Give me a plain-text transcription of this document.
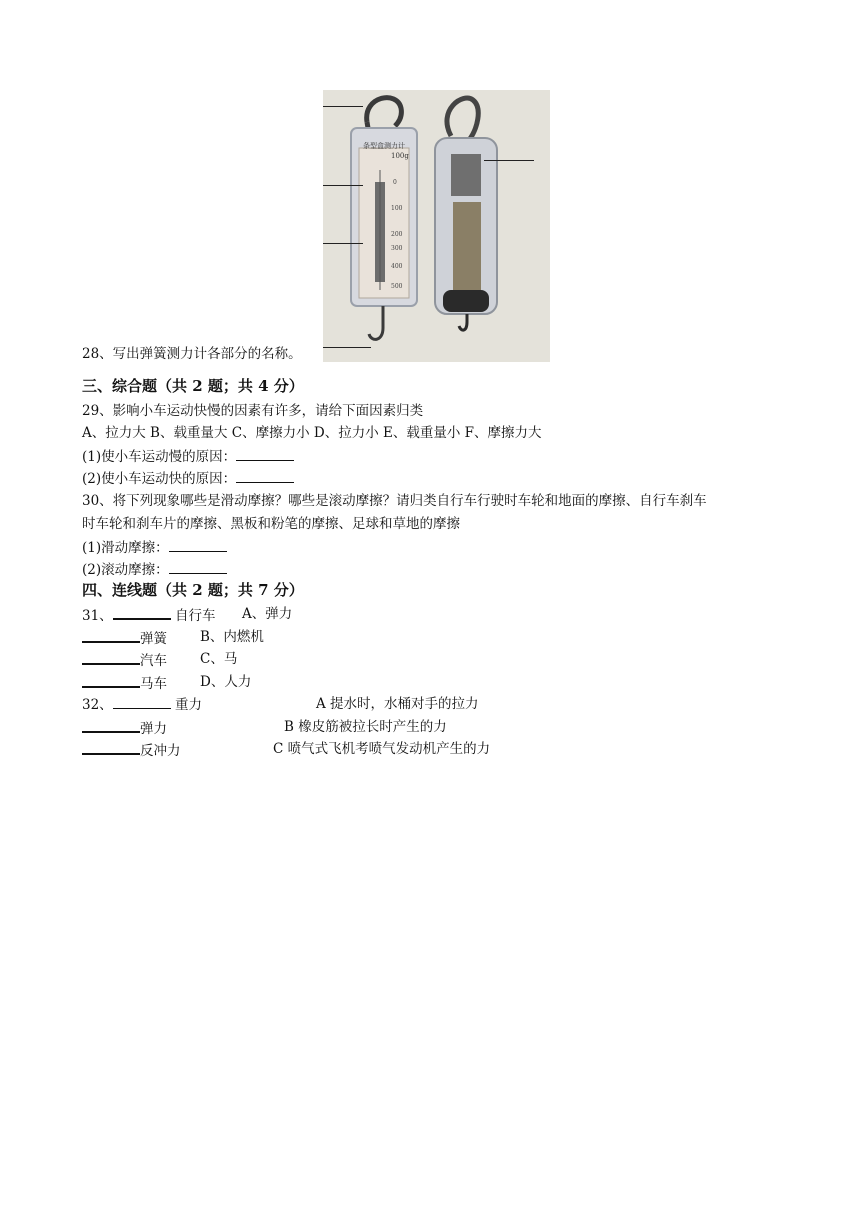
条型盒测力计
100g
0
100
200
300
400
500
28、写出弹簧测力计各部分的名称。
三、综合题（共 2 题；共 4 分）
29、影响小车运动快慢的因素有许多，请给下面因素归类
A、拉力大 B、载重量大 C、摩擦力小 D、拉力小 E、载重量小 F、摩擦力大
(1)使小车运动慢的原因：
(2)使小车运动快的原因：
30、将下列现象哪些是滑动摩擦？哪些是滚动摩擦？请归类自行车行驶时车轮和地面的摩擦、自行车刹车
时车轮和刹车片的摩擦、黑板和粉笔的摩擦、足球和草地的摩擦
(1)滑动摩擦：
(2)滚动摩擦：
四、连线题（共 2 题；共 7 分）
31、	自行车 A、弹力
弹簧 B、内燃机
汽车 C、马
马车 D、人力
32、	重力	A 提水时，水桶对手的拉力
弹力	B 橡皮筋被拉长时产生的力
反冲力	C 喷气式飞机考喷气发动机产生的力
